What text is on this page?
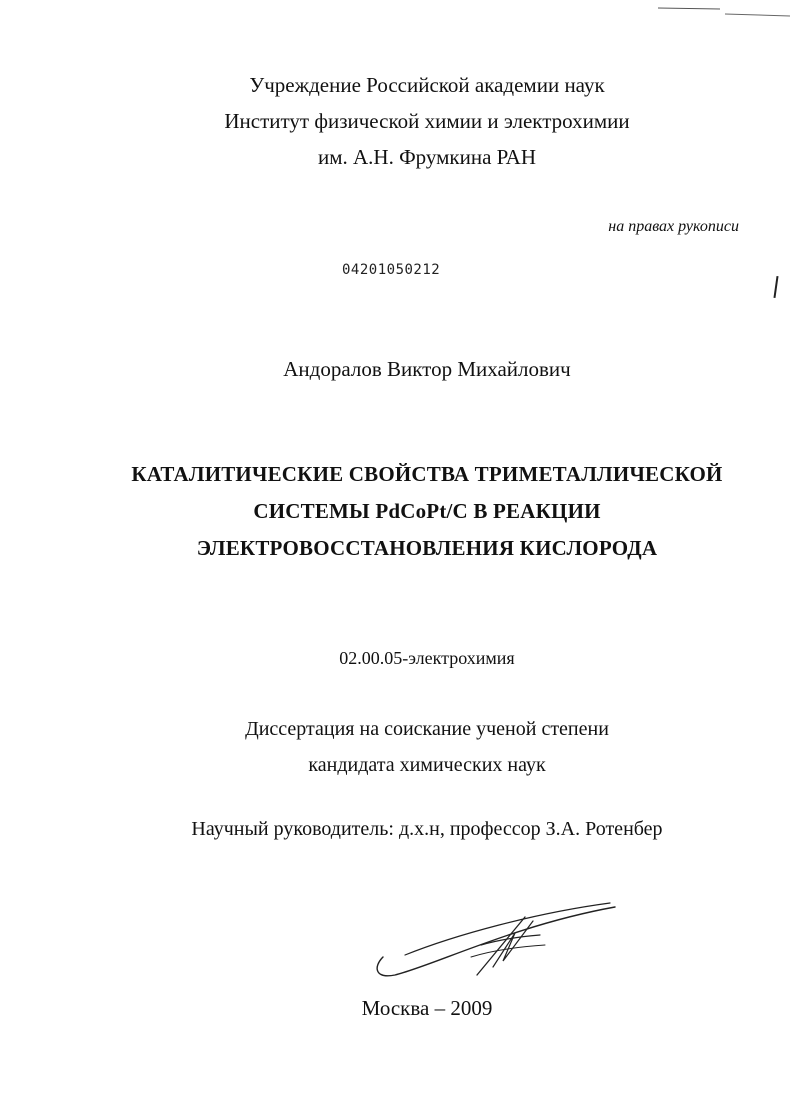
Учреждение Российской академии наук
Институт физической химии и электрохимии
им. А.Н. Фрумкина РАН
на правах рукописи
04201050212
Андоралов Виктор Михайлович
КАТАЛИТИЧЕСКИЕ СВОЙСТВА ТРИМЕТАЛЛИЧЕСКОЙ
СИСТЕМЫ PdCoPt/C В РЕАКЦИИ
ЭЛЕКТРОВОССТАНОВЛЕНИЯ КИСЛОРОДА
02.00.05-электрохимия
Диссертация на соискание ученой степени
кандидата химических наук
Научный руководитель: д.х.н, профессор З.А. Ротенбер
Москва – 2009
